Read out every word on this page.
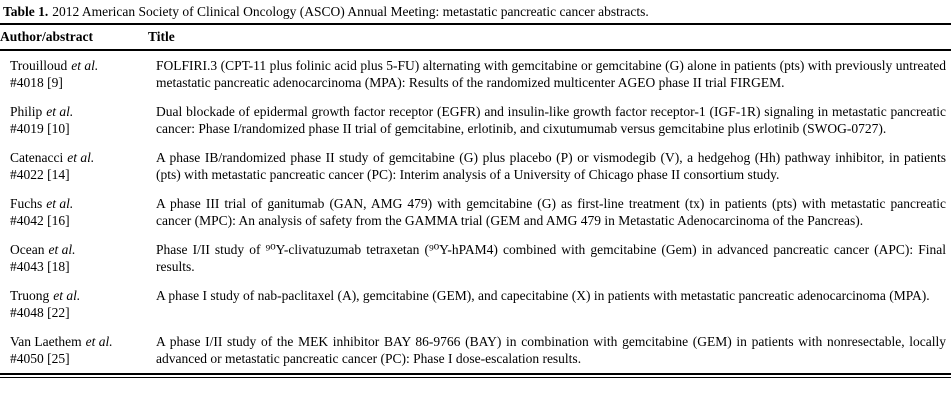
Table 1. 2012 American Society of Clinical Oncology (ASCO) Annual Meeting: metastatic pancreatic cancer abstracts.
Author/abstract	Title
Trouilloud et al.
#4018 [9]	FOLFIRI.3 (CPT-11 plus folinic acid plus 5-FU) alternating with gemcitabine or gemcitabine (G) alone in patients (pts) with previously untreated metastatic pancreatic adenocarcinoma (MPA): Results of the randomized multicenter AGEO phase II trial FIRGEM.
Philip et al.
#4019 [10]	Dual blockade of epidermal growth factor receptor (EGFR) and insulin-like growth factor receptor-1 (IGF-1R) signaling in metastatic pancreatic cancer: Phase I/randomized phase II trial of gemcitabine, erlotinib, and cixutumumab versus gemcitabine plus erlotinib (SWOG-0727).
Catenacci et al.
#4022 [14]	A phase IB/randomized phase II study of gemcitabine (G) plus placebo (P) or vismodegib (V), a hedgehog (Hh) pathway inhibitor, in patients (pts) with metastatic pancreatic cancer (PC): Interim analysis of a University of Chicago phase II consortium study.
Fuchs et al.
#4042 [16]	A phase III trial of ganitumab (GAN, AMG 479) with gemcitabine (G) as first-line treatment (tx) in patients (pts) with metastatic pancreatic cancer (MPC): An analysis of safety from the GAMMA trial (GEM and AMG 479 in Metastatic Adenocarcinoma of the Pancreas).
Ocean et al.
#4043 [18]	Phase I/II study of ⁹⁰Y-clivatuzumab tetraxetan (⁹⁰Y-hPAM4) combined with gemcitabine (Gem) in advanced pancreatic cancer (APC): Final results.
Truong et al.
#4048 [22]	A phase I study of nab-paclitaxel (A), gemcitabine (GEM), and capecitabine (X) in patients with metastatic pancreatic adenocarcinoma (MPA).
Van Laethem et al.
#4050 [25]	A phase I/II study of the MEK inhibitor BAY 86-9766 (BAY) in combination with gemcitabine (GEM) in patients with nonresectable, locally advanced or metastatic pancreatic cancer (PC): Phase I dose-escalation results.
